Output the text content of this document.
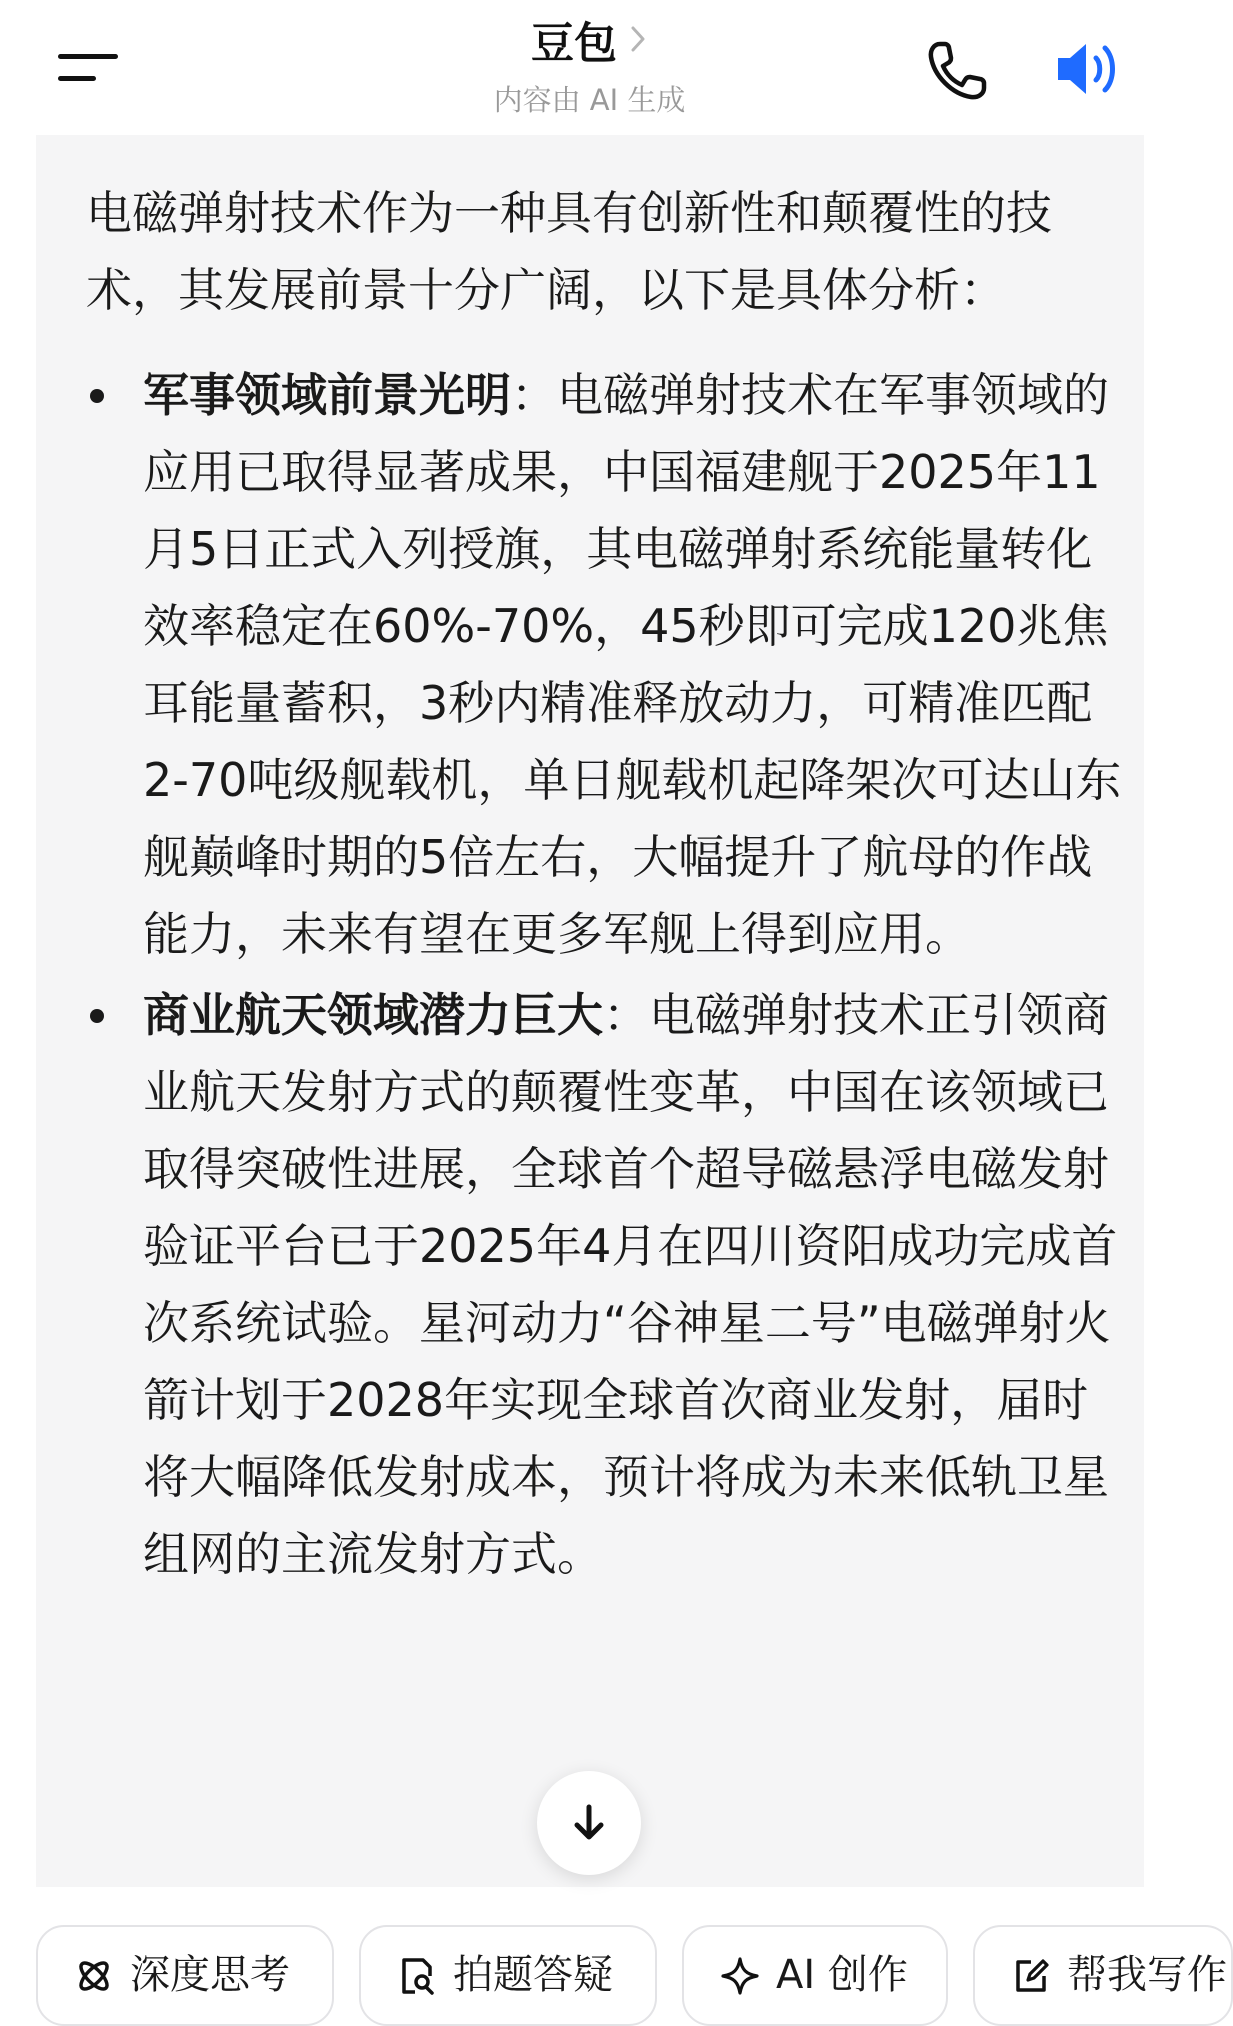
豆包
内容由 AI 生成

电磁弹射技术作为一种具有创新性和颠覆性的技术，其发展前景十分广阔，以下是具体分析：

军事领域前景光明：电磁弹射技术在军事领域的应用已取得显著成果，中国福建舰于2025年11月5日正式入列授旗，其电磁弹射系统能量转化效率稳定在60%-70%，45秒即可完成120兆焦耳能量蓄积，3秒内精准释放动力，可精准匹配2-70吨级舰载机，单日舰载机起降架次可达山东舰巅峰时期的5倍左右，大幅提升了航母的作战能力，未来有望在更多军舰上得到应用。
商业航天领域潜力巨大：电磁弹射技术正引领商业航天发射方式的颠覆性变革，中国在该领域已取得突破性进展，全球首个超导磁悬浮电磁发射验证平台已于2025年4月在四川资阳成功完成首次系统试验。星河动力“谷神星二号”电磁弹射火箭计划于2028年实现全球首次商业发射，届时将大幅降低发射成本，预计将成为未来低轨卫星组网的主流发射方式。
深度思考	拍题答疑	AI 创作	帮我写作
